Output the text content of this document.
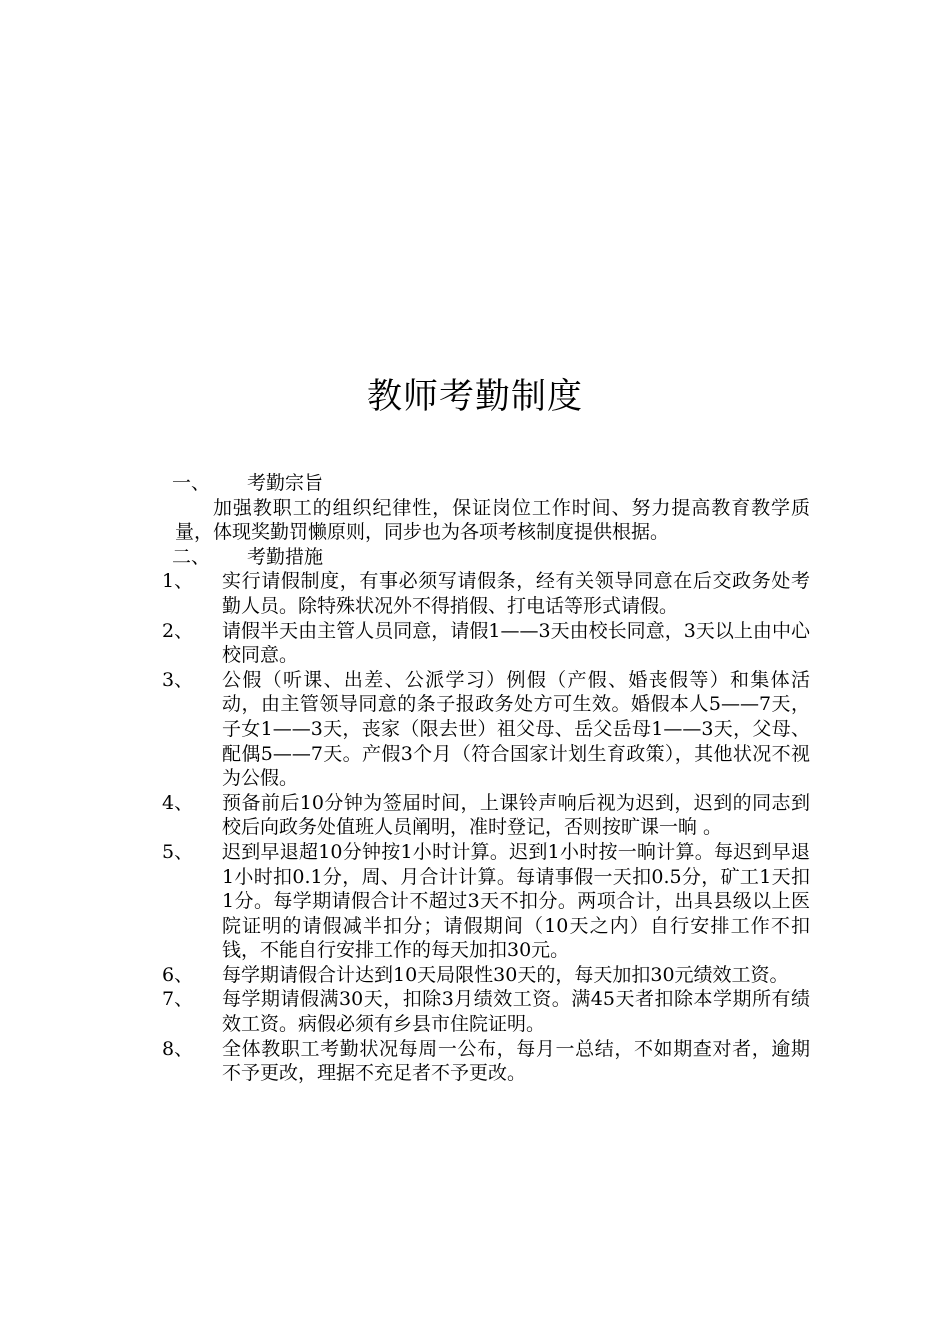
教师考勤制度
一、 考勤宗旨

加强教职工的组织纪律性，保证岗位工作时间、努力提高教育教学质量，体现奖勤罚懒原则，同步也为各项考核制度提供根据。

二、 考勤措施
1、	实行请假制度，有事必须写请假条，经有关领导同意在后交政务处考勤人员。除特殊状况外不得捎假、打电话等形式请假。
2、	请假半天由主管人员同意，请假1——3天由校长同意，3天以上由中心校同意。
3、	公假（听课、出差、公派学习）例假（产假、婚丧假等）和集体活动，由主管领导同意的条子报政务处方可生效。婚假本人5——7天，子女1——3天，丧家（限去世）祖父母、岳父岳母1——3天，父母、配偶5——7天。产假3个月（符合国家计划生育政策），其他状况不视为公假。
4、	预备前后10分钟为签届时间，上课铃声响后视为迟到，迟到的同志到校后向政务处值班人员阐明，准时登记，否则按旷课一晌 。
5、	迟到早退超10分钟按1小时计算。迟到1小时按一晌计算。每迟到早退1小时扣0.1分，周、月合计计算。每请事假一天扣0.5分，矿工1天扣1分。每学期请假合计不超过3天不扣分。两项合计，出具县级以上医院证明的请假减半扣分；请假期间（10天之内）自行安排工作不扣钱，不能自行安排工作的每天加扣30元。
6、	每学期请假合计达到10天局限性30天的，每天加扣30元绩效工资。
7、	每学期请假满30天，扣除3月绩效工资。满45天者扣除本学期所有绩效工资。病假必须有乡县市住院证明。
8、	全体教职工考勤状况每周一公布，每月一总结，不如期查对者，逾期不予更改，理据不充足者不予更改。
